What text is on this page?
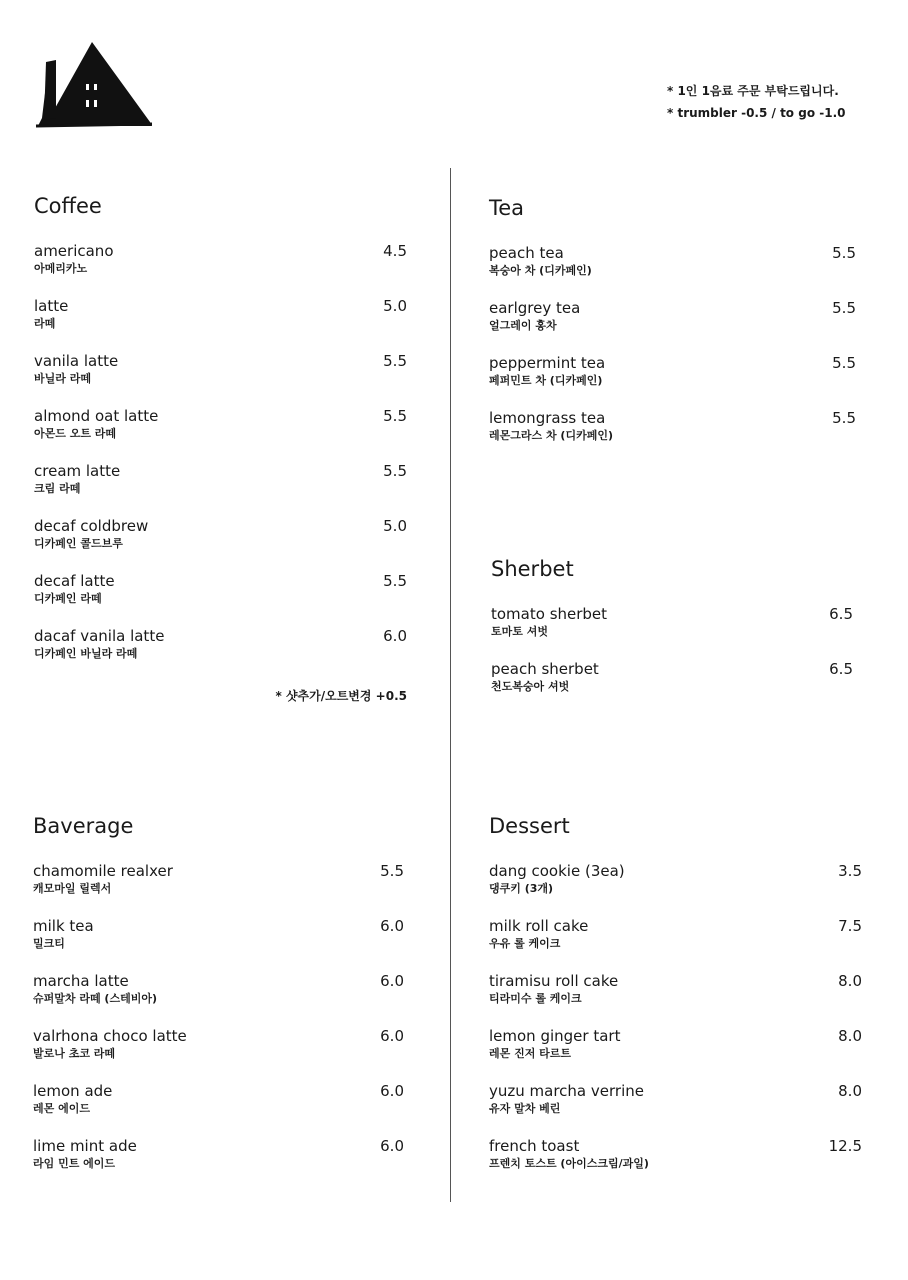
* 1인 1음료 주문 부탁드립니다.
* trumbler -0.5 / to go -1.0
Coffee
americano
아메리카노
4.5
latte
라떼
5.0
vanila latte
바닐라 라떼
5.5
almond oat latte
아몬드 오트 라떼
5.5
cream latte
크림 라떼
5.5
decaf coldbrew
디카페인 콜드브루
5.0
decaf latte
디카페인 라떼
5.5
dacaf vanila latte
디카페인 바닐라 라떼
6.0
* 샷추가/오트변경 +0.5
Tea
peach tea
복숭아 차 (디카페인)
5.5
earlgrey tea
얼그레이 홍차
5.5
peppermint tea
페퍼민트 차 (디카페인)
5.5
lemongrass tea
레몬그라스 차 (디카페인)
5.5
Sherbet
tomato sherbet
토마토 셔벗
6.5
peach sherbet
천도복숭아 셔벗
6.5
Baverage
chamomile realxer
캐모마일 릴렉서
5.5
milk tea
밀크티
6.0
marcha latte
슈퍼말차 라떼 (스테비아)
6.0
valrhona choco latte
발로나 초코 라떼
6.0
lemon ade
레몬 에이드
6.0
lime mint ade
라임 민트 에이드
6.0
Dessert
dang cookie (3ea)
댕쿠키 (3개)
3.5
milk roll cake
우유 롤 케이크
7.5
tiramisu roll cake
티라미수 롤 케이크
8.0
lemon ginger tart
레몬 진저 타르트
8.0
yuzu marcha verrine
유자 말차 베린
8.0
french toast
프렌치 토스트 (아이스크림/과일)
12.5
